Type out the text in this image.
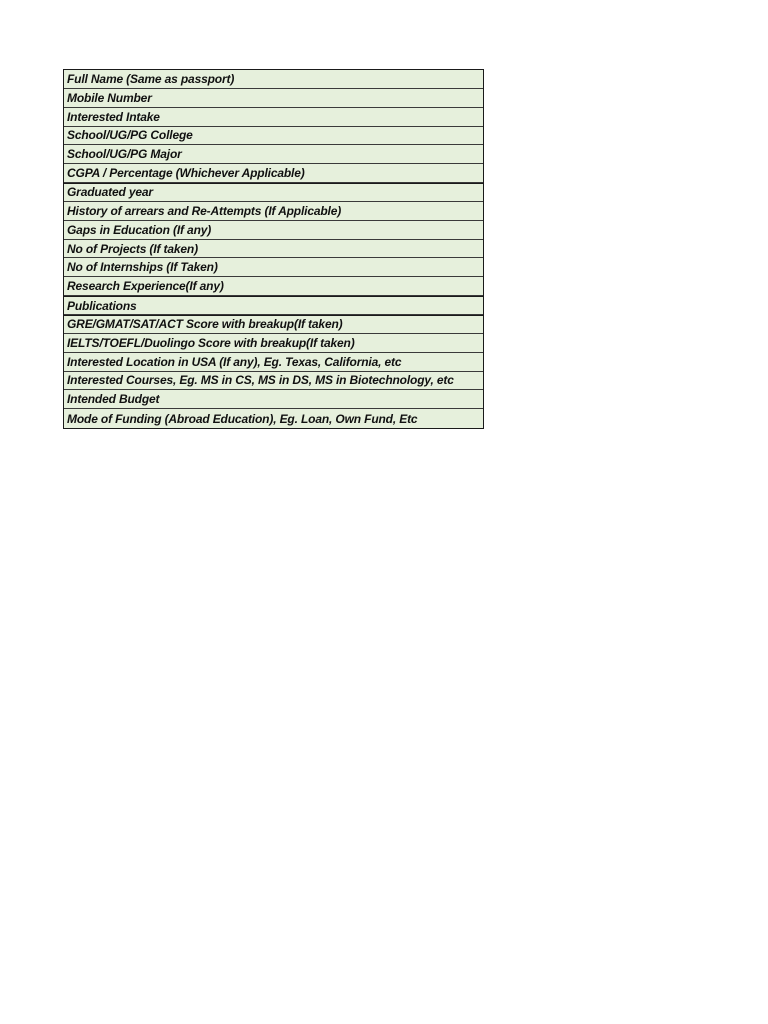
Full Name (Same as passport)
Mobile Number
Interested Intake
School/UG/PG College
School/UG/PG Major
CGPA / Percentage (Whichever Applicable)
Graduated year
History of arrears and Re-Attempts (If Applicable)
Gaps in Education (If any)
No of Projects (If taken)
No of Internships (If Taken)
Research Experience(If any)
Publications
GRE/GMAT/SAT/ACT Score with breakup(If taken)
IELTS/TOEFL/Duolingo Score with breakup(If taken)
Interested Location in USA (If any), Eg. Texas, California, etc
Interested Courses, Eg. MS in CS, MS in DS, MS in Biotechnology, etc
Intended Budget
Mode of Funding (Abroad Education), Eg. Loan, Own Fund, Etc
